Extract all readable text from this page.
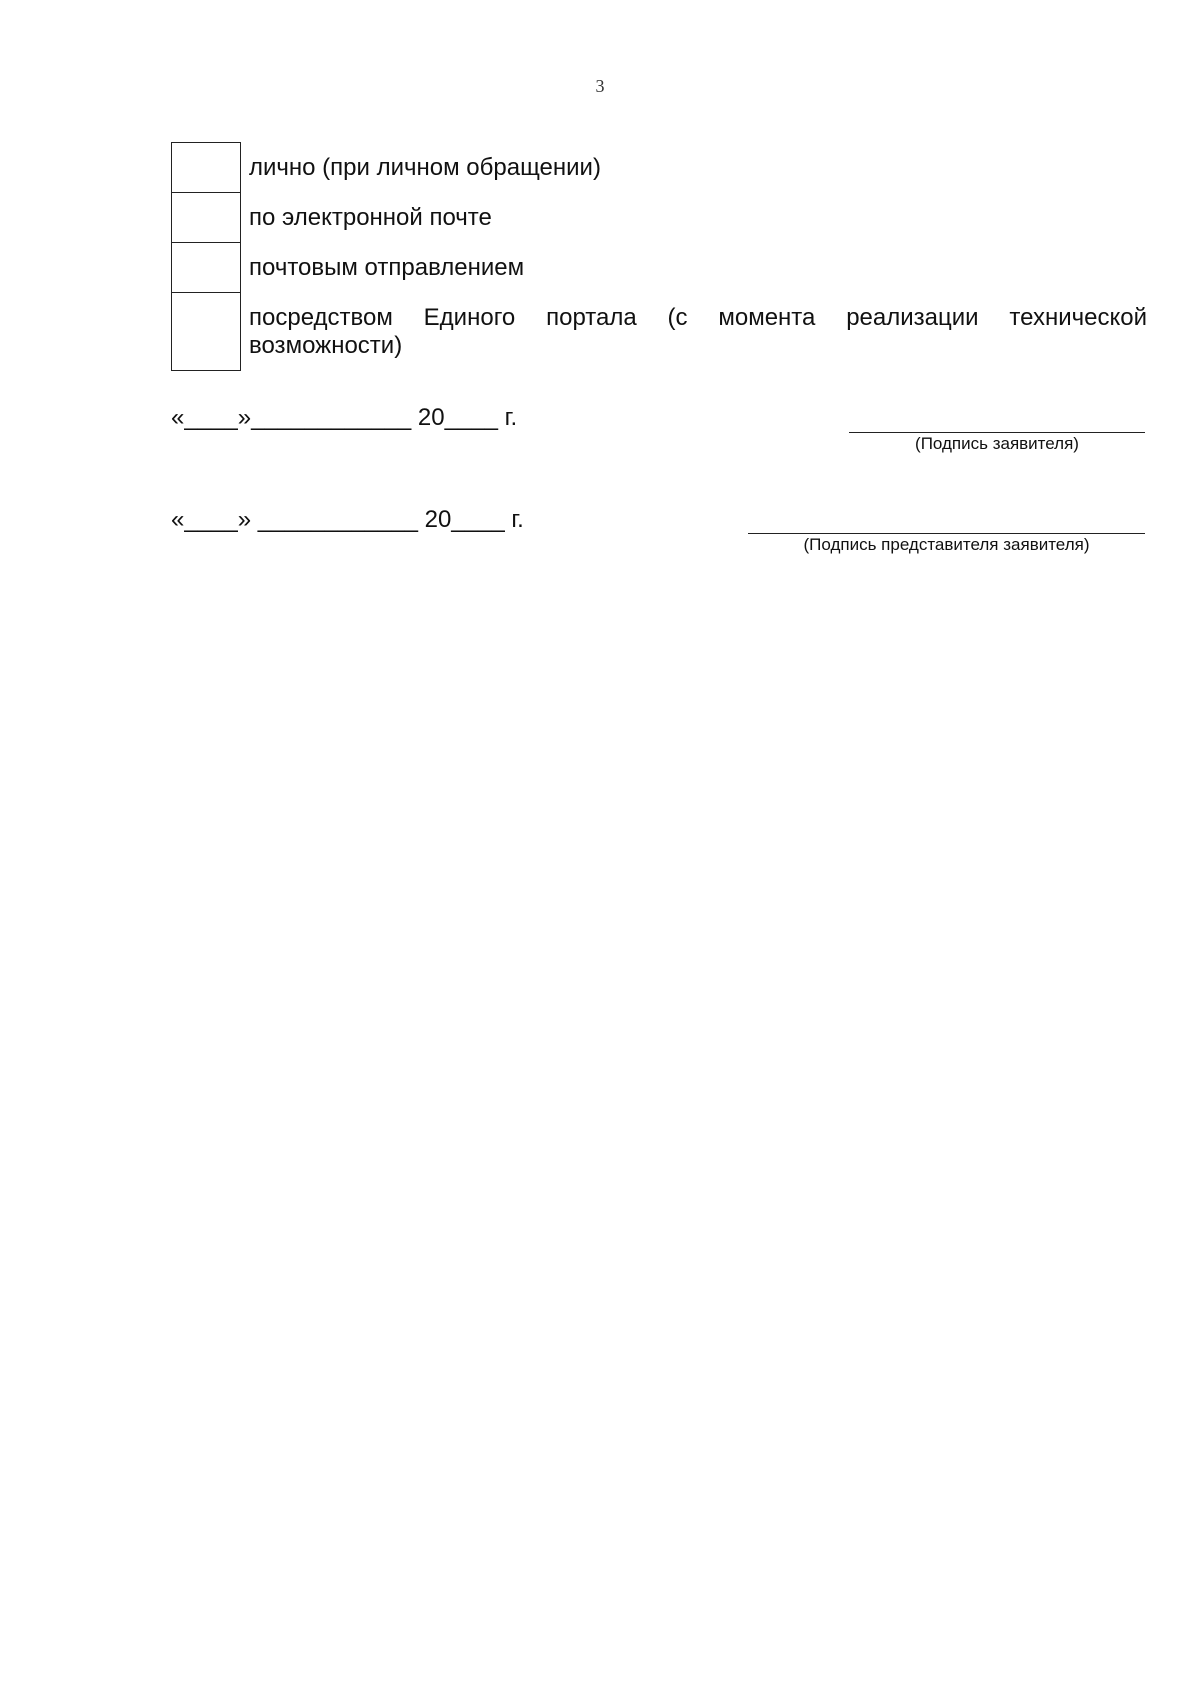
3
лично (при личном обращении)
по электронной почте
почтовым отправлением
посредством Единого портала (с момента реализации технической возможности)
«____»____________ 20____ г.
(Подпись заявителя)
«____» ____________ 20____ г.
(Подпись представителя заявителя)
